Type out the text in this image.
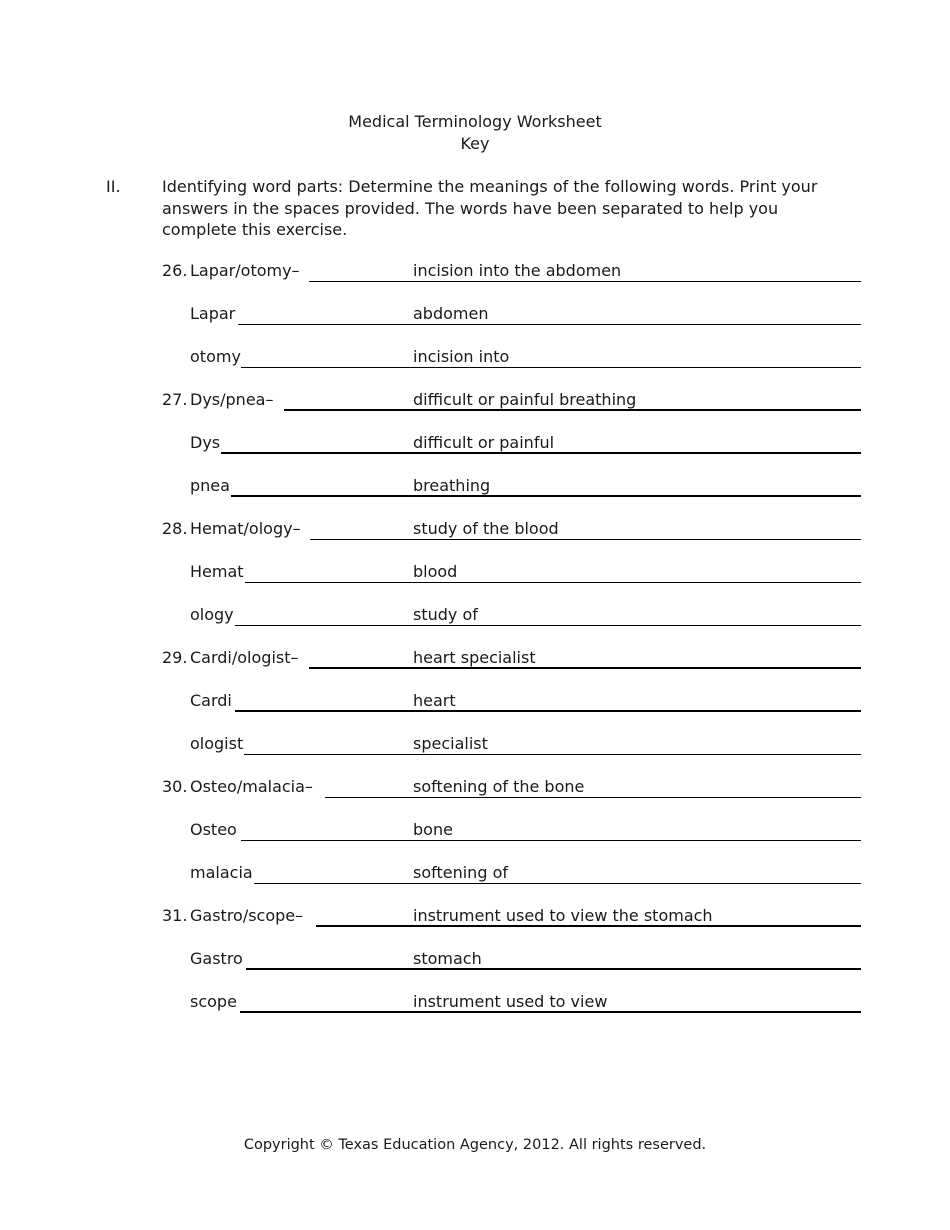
Medical Terminology Worksheet
Key
II.	Identifying word parts: Determine the meanings of the following words. Print your answers in the spaces provided. The words have been separated to help you complete this exercise.
26. Lapar/otomy–	incision into the abdomen
Lapar	abdomen
otomy	incision into
27. Dys/pnea–	difficult or painful breathing
Dys	difficult or painful
pnea	breathing
28. Hemat/ology–	study of the blood
Hemat	blood
ology	study of
29. Cardi/ologist–	heart specialist
Cardi	heart
ologist	specialist
30. Osteo/malacia–	softening of the bone
Osteo	bone
malacia	softening of
31. Gastro/scope–	instrument used to view the stomach
Gastro	stomach
scope	instrument used to view
Copyright © Texas Education Agency, 2012. All rights reserved.
